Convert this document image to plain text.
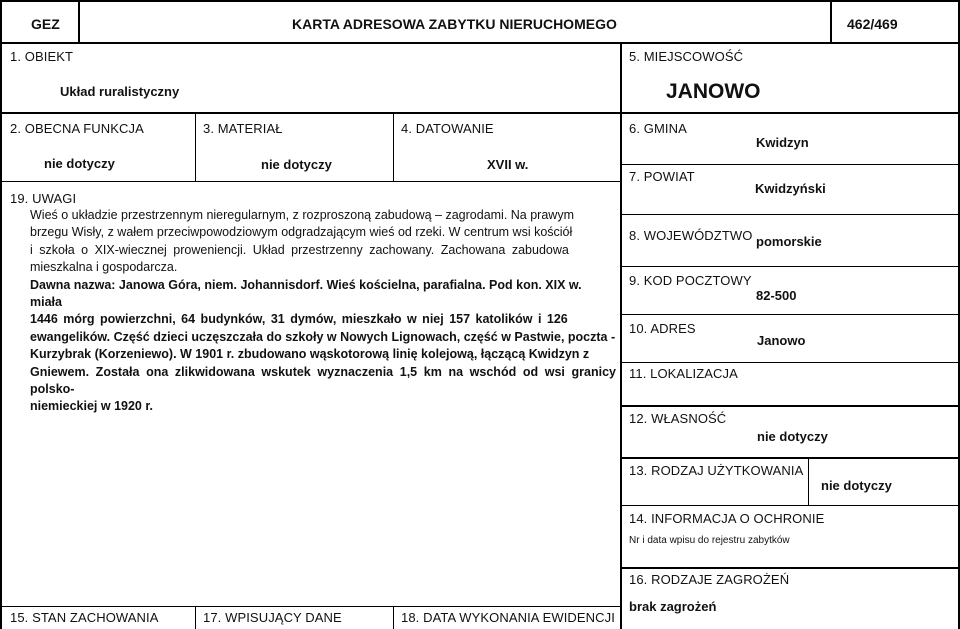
GEZ	KARTA ADRESOWA ZABYTKU NIERUCHOMEGO	462/469
1. OBIEKT
Układ ruralistyczny
5. MIEJSCOWOŚĆ
JANOWO
2. OBECNA FUNKCJA
nie dotyczy
3. MATERIAŁ
nie dotyczy
4. DATOWANIE
XVII w.
6. GMINA
Kwidzyn
7. POWIAT
Kwidzyński
8. WOJEWÓDZTWO pomorskie
9. KOD POCZTOWY
82-500
10. ADRES
Janowo
11. LOKALIZACJA
12. WŁASNOŚĆ
nie dotyczy
13. RODZAJ UŻYTKOWANIA
nie dotyczy
14. INFORMACJA O OCHRONIE
Nr i data wpisu do rejestru zabytków
16. RODZAJE ZAGROŻEŃ
brak zagrożeń
15. STAN ZACHOWANIA	17. WPISUJĄCY DANE	18. DATA WYKONANIA EWIDENCJI
19. UWAGI

Wieś o układzie przestrzennym nieregularnym, z rozproszoną zabudową – zagrodami. Na prawym

brzegu Wisły, z wałem przeciwpowodziowym odgradzającym wieś od rzeki. W centrum wsi kościół

i szkoła o XIX-wiecznej proweniencji. Układ przestrzenny zachowany. Zachowana zabudowa

mieszkalna i gospodarcza.

Dawna nazwa: Janowa Góra, niem. Johannisdorf. Wieś kościelna, parafialna. Pod kon. XIX w. miała

1446 mórg powierzchni, 64 budynków, 31 dymów, mieszkało w niej 157 katolików i 126

ewangelików. Część dzieci uczęszczała do szkoły w Nowych Lignowach, część w Pastwie, poczta -

Kurzybrak (Korzeniewo). W 1901 r. zbudowano wąskotorową linię kolejową, łączącą Kwidzyn z

Gniewem. Została ona zlikwidowana wskutek wyznaczenia 1,5 km na wschód od wsi granicy polsko-

niemieckiej w 1920 r.
